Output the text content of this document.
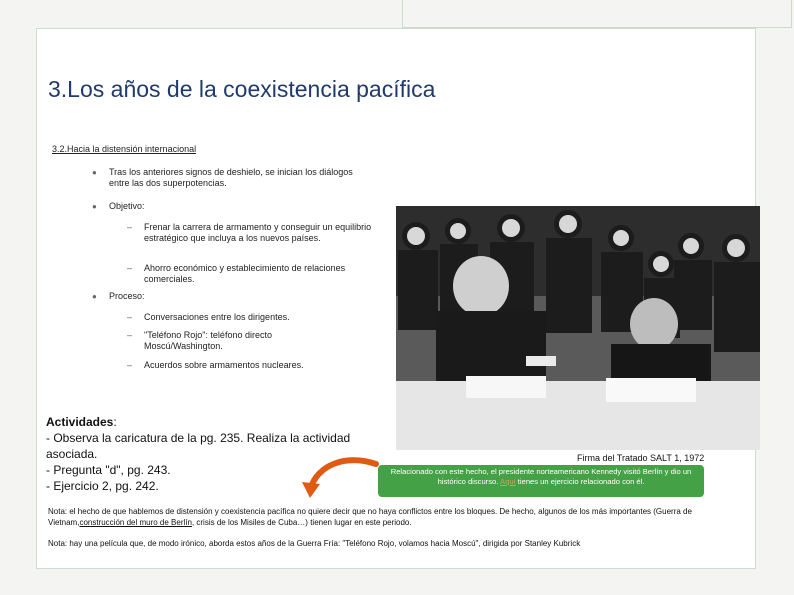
3.Los años de la coexistencia pacífica
3.2.Hacia la distensión internacional
● Tras los anteriores signos de deshielo, se inician los diálogos entre las dos superpotencias.
● Objetivo:
– Frenar la carrera de armamento y conseguir un equilibrio estratégico que incluya a los nuevos países.
– Ahorro económico y establecimiento de relaciones comerciales.
● Proceso:
– Conversaciones entre los dirigentes.
– "Teléfono Rojo": teléfono directo Moscú/Washington.
– Acuerdos sobre armamentos nucleares.
Firma del Tratado SALT 1, 1972
Relacionado con este hecho, el presidente norteamericano Kennedy visitó Berlín y dio un histórico discurso. Aquí tienes un ejercicio relacionado con él.
Actividades:
- Observa la caricatura de la pg. 235. Realiza la actividad asociada.
- Pregunta "d", pg. 243.
- Ejercicio 2, pg. 242.
Nota: el hecho de que hablemos de distensión y coexistencia pacífica no quiere decir que no haya conflictos entre los bloques. De hecho, algunos de los más importantes (Guerra de Vietnam,construcción del muro de Berlín, crisis de los Misiles de Cuba…) tienen lugar en este periodo.
Nota: hay una película que, de modo irónico, aborda estos años de la Guerra Fría: "Teléfono Rojo, volamos hacia Moscú", dirigida por Stanley Kubrick
